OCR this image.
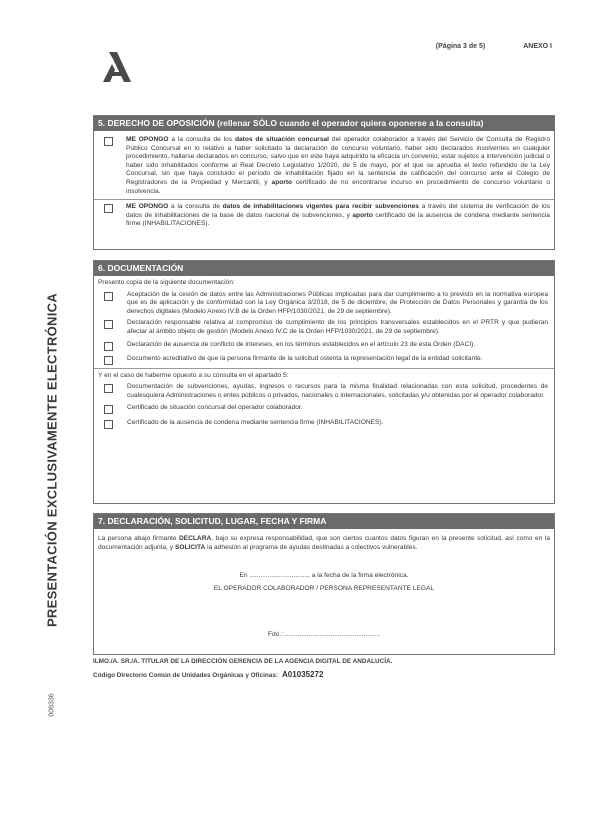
(Página 3 de 5)	ANEXO I
PRESENTACIÓN EXCLUSIVAMENTE ELECTRÓNICA
006336
5. DERECHO DE OPOSICIÓN (rellenar SÓLO cuando el operador quiera oponerse a la consulta)
ME OPONGO a la consulta de los datos de situación concursal del operador colaborador a través del Servicio de Consulta de Registro Público Concursal en lo relativo a haber solicitado la declaración de concurso voluntario, haber sido declarados insolventes en cualquier procedimiento, hallarse declarados en concurso, salvo que en este haya adquirido la eficacia un convenio, estar sujetos a intervención judicial o haber sido inhabilitados conforme al Real Decreto Legislativo 1/2020, de 5 de mayo, por el que se aprueba el texto refundido de la Ley Concursal, sin que haya concluido el período de inhabilitación fijado en la sentencia de calificación del concurso ante el Colegio de Registradores de la Propiedad y Mercantil, y aporto certificado de no encontrarse incurso en procedimiento de concurso voluntario o insolvencia.
ME OPONGO a la consulta de datos de inhabilitaciones vigentes para recibir subvenciones a través del sistema de verificación de los datos de inhabilitaciones de la base de datos nacional de subvenciones, y aporto certificado de la ausencia de condena mediante sentencia firme (INHABILITACIONES).
6. DOCUMENTACIÓN
Presento copia de la siguiente documentación:
Aceptación de la cesión de datos entre las Administraciones Públicas implicadas para dar cumplimiento a lo previsto en la normativa europea que es de aplicación y de conformidad con la Ley Orgánica 3/2018, de 5 de diciembre, de Protección de Datos Personales y garantía de los derechos digitales (Modelo Anexo IV.B de la Orden HFP/1030/2021, de 29 de septiembre).
Declaración responsable relativa al compromiso de cumplimiento de los principios transversales establecidos en el PRTR y que pudieran afectar al ámbito objeto de gestión (Modelo Anexo IV.C de la Orden HFP/1030/2021, de 29 de septiembre).
Declaración de ausencia de conflicto de intereses, en los términos establecidos en el artículo 23 de esta Orden (DACI).
Documento acreditativo de que la persona firmante de la solicitud ostenta la representación legal de la entidad solicitante.
Y en el caso de haberme opuesto a su consulta en el apartado 5:
Documentación de subvenciones, ayudas, ingresos o recursos para la misma finalidad relacionadas con esta solicitud, procedentes de cualesquiera Administraciones o entes públicos o privados, nacionales o internacionales, solicitadas y/u obtenidas por el operador colaborador.
Certificado de situación concursal del operador colaborador.
Certificado de la ausencia de condena mediante sentencia firme (INHABILITACIONES).
7. DECLARACIÓN, SOLICITUD, LUGAR, FECHA Y FIRMA
La persona abajo firmante DECLARA, bajo su expresa responsabilidad, que son ciertos cuantos datos figuran en la presente solicitud, así como en la documentación adjunta, y SOLICITA la adhesión al programa de ayudas destinadas a colectivos vulnerables.
En ................................, a la fecha de la firma electrónica.
EL OPERADOR COLABORADOR / PERSONA REPRESENTANTE LEGAL
Fdo.: ....................................................
ILMO./A. SR./A. TITULAR DE LA DIRECCIÓN GERENCIA DE LA AGENCIA DIGITAL DE ANDALUCÍA.
Código Directorio Común de Unidades Orgánicas y Oficinas: A01035272
